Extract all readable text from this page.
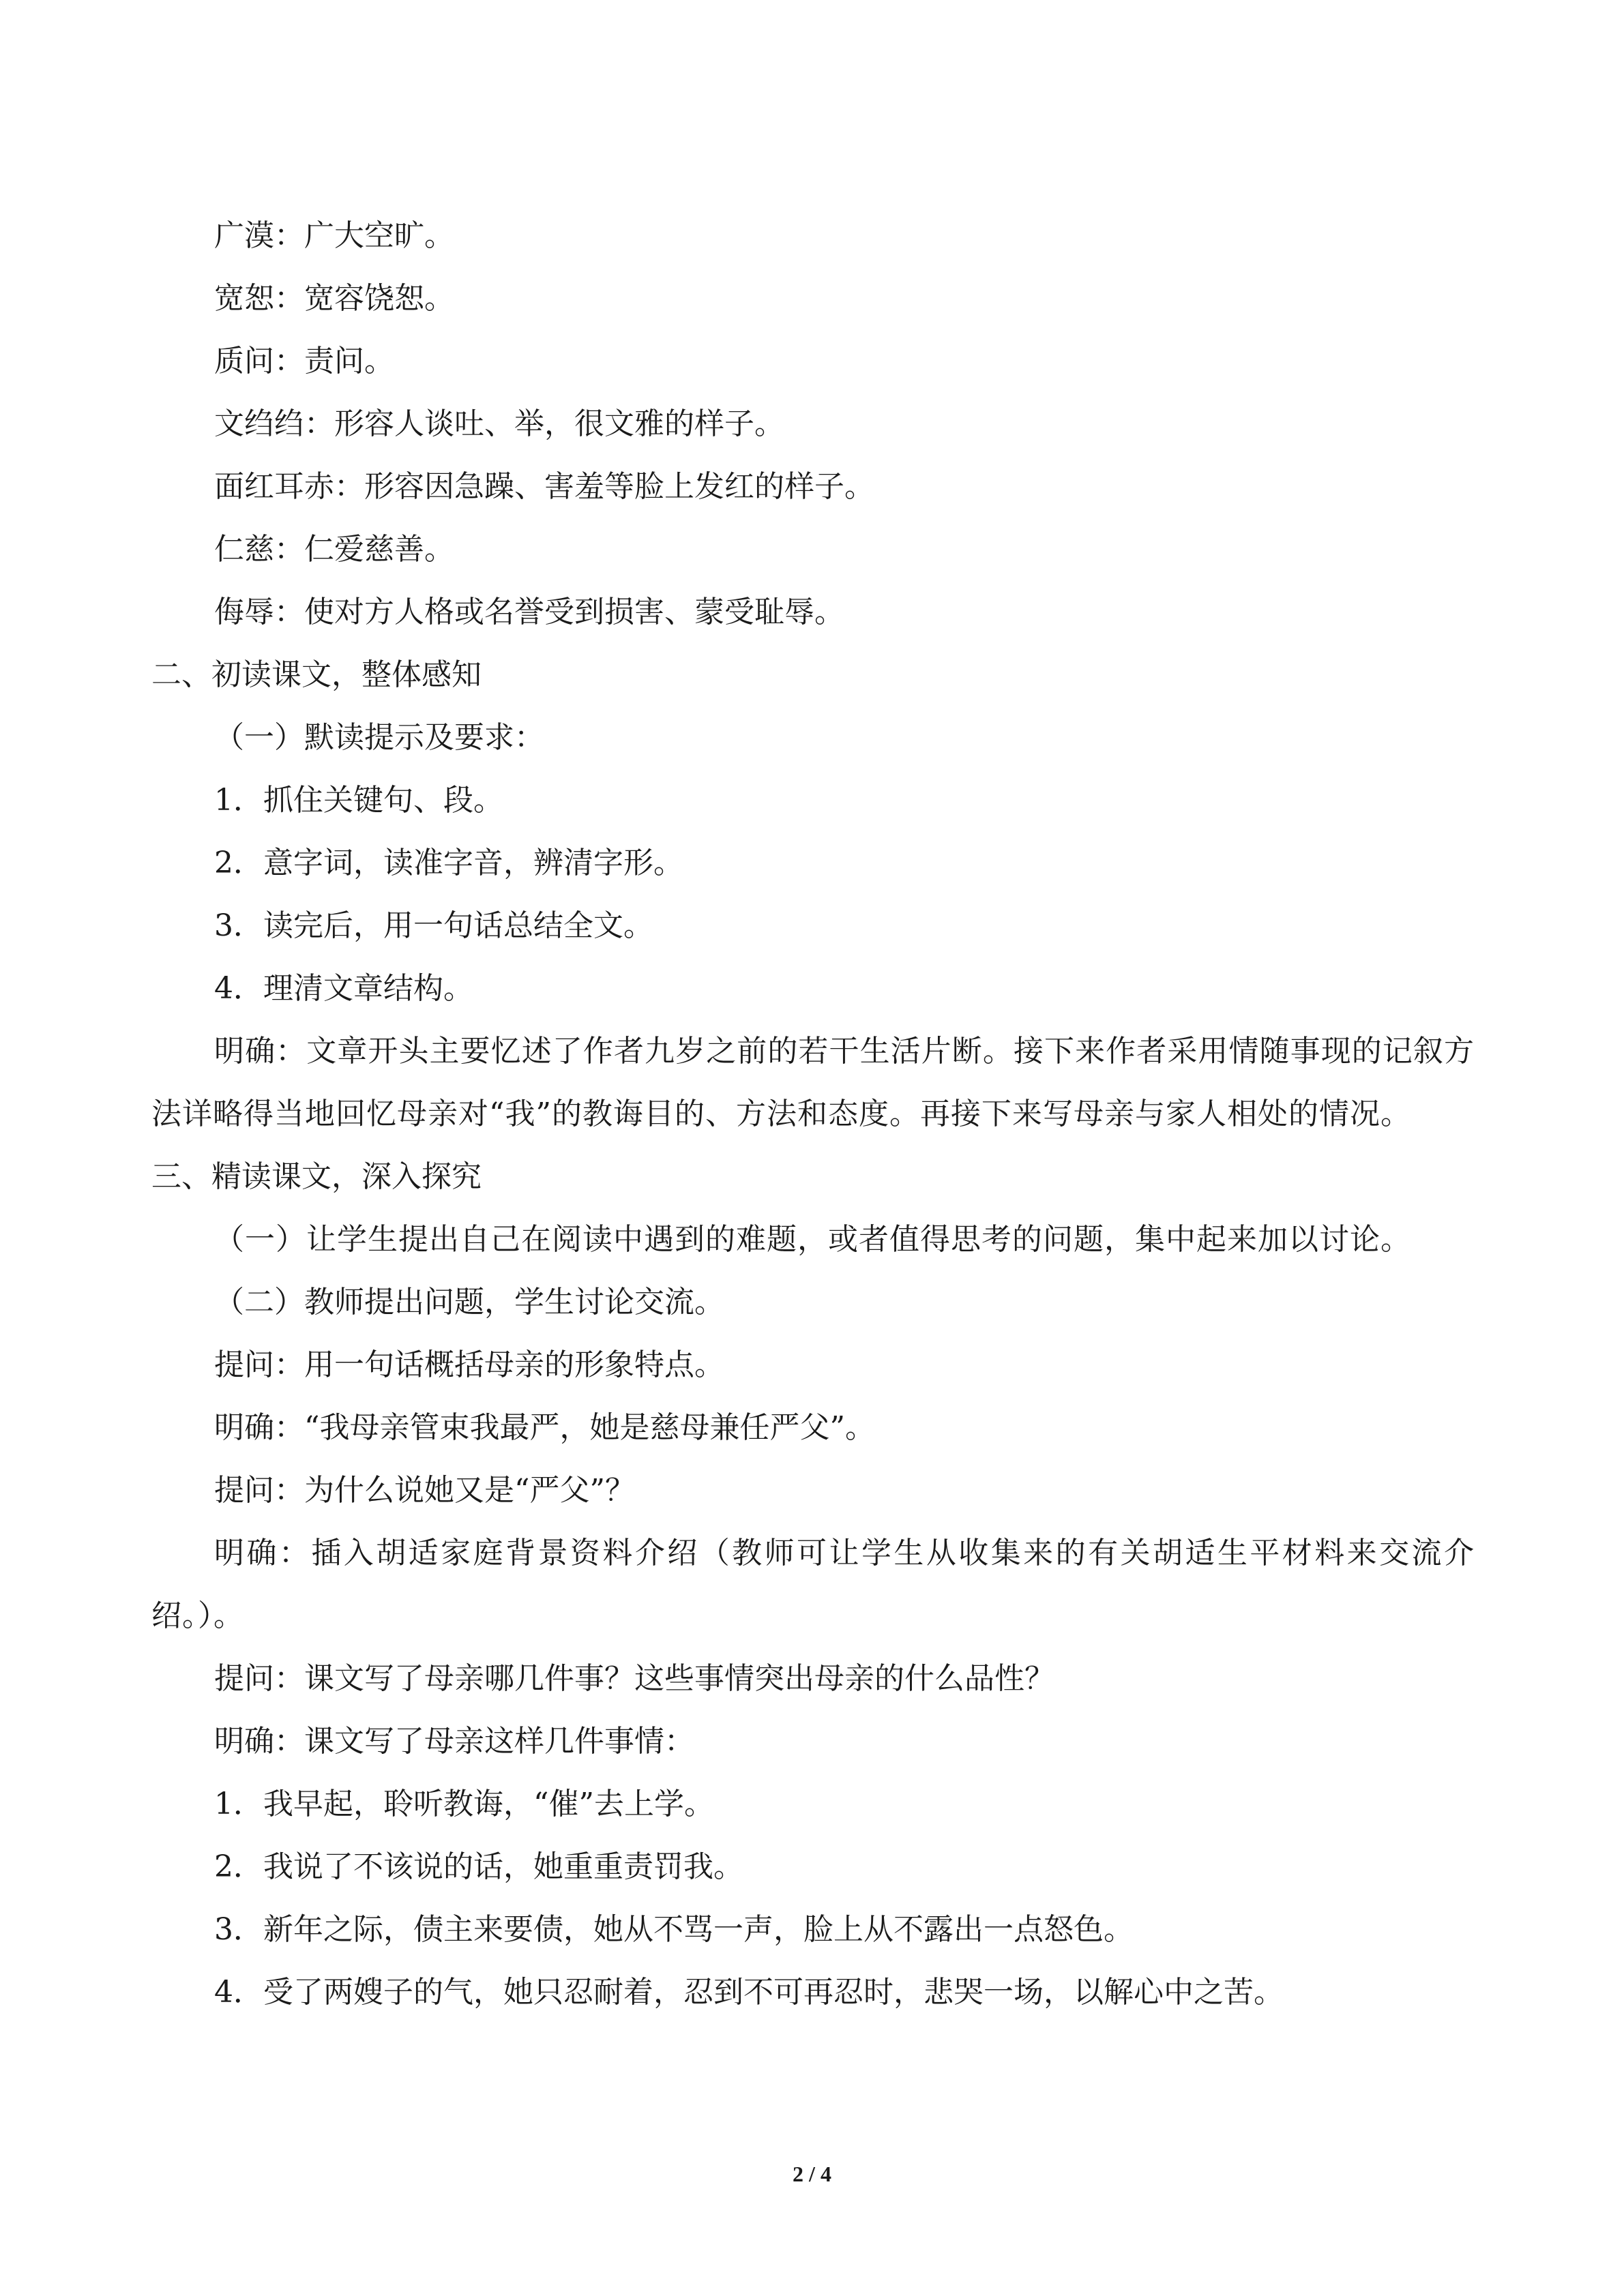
广漠：广大空旷。
宽恕：宽容饶恕。
质问：责问。
文绉绉：形容人谈吐、举，很文雅的样子。
面红耳赤：形容因急躁、害羞等脸上发红的样子。
仁慈：仁爱慈善。
侮辱：使对方人格或名誉受到损害、蒙受耻辱。
二、初读课文，整体感知
（一）默读提示及要求：
1．抓住关键句、段。
2．意字词，读准字音，辨清字形。
3．读完后，用一句话总结全文。
4．理清文章结构。
明确：文章开头主要忆述了作者九岁之前的若干生活片断。接下来作者采用情随事现的记叙方法详略得当地回忆母亲对“我”的教诲目的、方法和态度。再接下来写母亲与家人相处的情况。
三、精读课文，深入探究
（一）让学生提出自己在阅读中遇到的难题，或者值得思考的问题，集中起来加以讨论。
（二）教师提出问题，学生讨论交流。
提问：用一句话概括母亲的形象特点。
明确：“我母亲管束我最严，她是慈母兼任严父”。
提问：为什么说她又是“严父”？
明确：插入胡适家庭背景资料介绍（教师可让学生从收集来的有关胡适生平材料来交流介绍。）。
提问：课文写了母亲哪几件事？这些事情突出母亲的什么品性？
明确：课文写了母亲这样几件事情：
1．我早起，聆听教诲，“催”去上学。
2．我说了不该说的话，她重重责罚我。
3．新年之际，债主来要债，她从不骂一声，脸上从不露出一点怒色。
4．受了两嫂子的气，她只忍耐着，忍到不可再忍时，悲哭一场，以解心中之苦。
2 / 4
